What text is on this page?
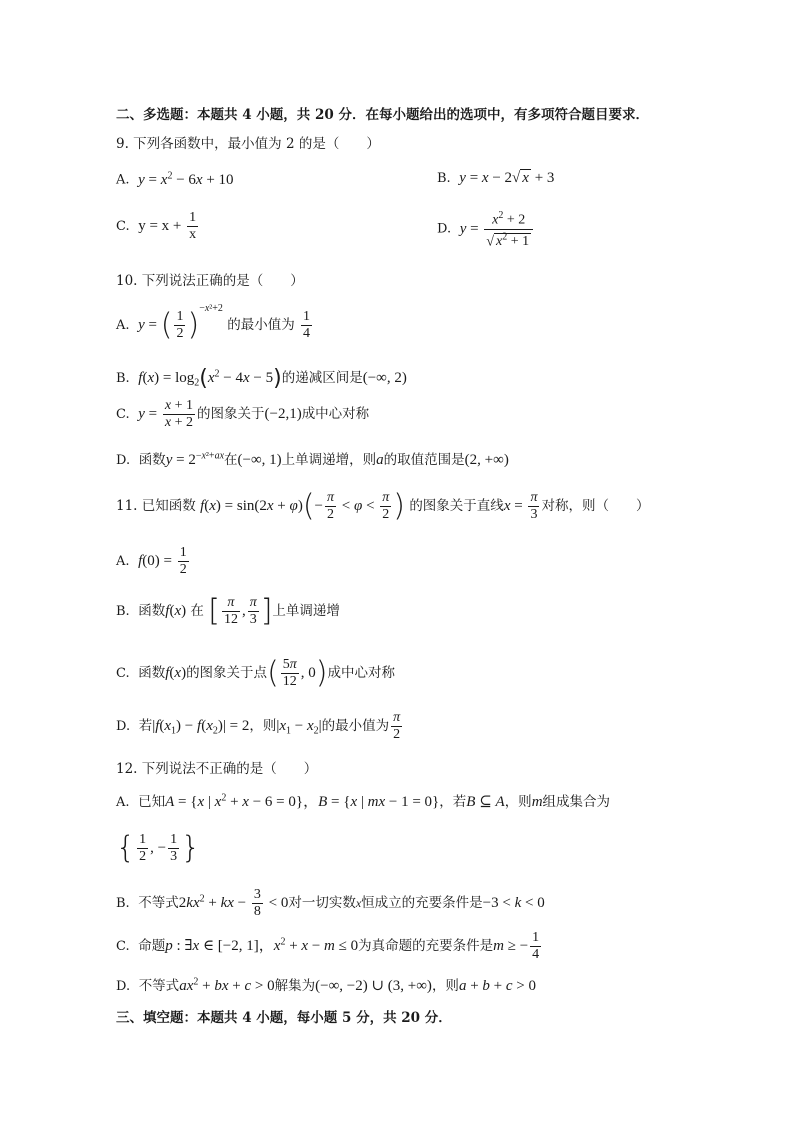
二、多选题：本题共 4 小题，共 20 分．在每小题给出的选项中，有多项符合题目要求．
9. 下列各函数中，最小值为 2 的是（　　）
A. $y = x^2 - 6x + 10$	B. y = x − 2√ x + 3
C. $y = x + \frac{1}{x}$	D. $y = \frac{x^2 + 2}{√ x^2 + 1}$
10. 下列说法正确的是（　　）
A. y = ( $\frac{1}{2} )^{-x^2+2}$ 的最小值为 $\frac{1}{4}$
B. $f(x) = \log_2(x^2 - 4x - 5)$的递减区间是(−∞, 2)
C. $y = \frac{x + 1}{x + 2}$ 的图象关于(−2,1)成中心对称
D. 函数$y = 2^{-x^2+ax}$在(−∞, 1)上单调递增，则a的取值范围是(2, +∞)
11. 已知函数 $f(x) = \sin(2x + \varphi)(- \frac{\pi}{2} < \varphi < \frac{\pi}{2}$ ) 的图象关于直线$x = \frac{\pi}{3}$ 对称，则（　　）
A. $f(0) = \frac{1}{2}$
B. 函数f(x) 在 [ $\frac{\pi}{12}$ , $\frac{\pi}{3}$ ]上单调递增
C. 函数f(x)的图象关于点( $\frac{5\pi}{12}$ , 0)成中心对称
D. 若$|f(x_1) - f(x_2)| = 2$，则$|x_1 - x_2|$的最小值为 $\frac{\pi}{2}$
12. 下列说法不正确的是（　　）
A. 已知A = {x | $x^2 + x - 6 = 0$}，B = {x | mx − 1 = 0}，若B ⊆ A，则m组成集合为
{ $\frac{1}{2}$ , − $\frac{1}{3}$ }
B. 不等式$2kx^2$ + kx − $\frac{3}{8} < 0$对一切实数x恒成立的充要条件是−3 < k < 0
C. 命题p : ∃x ∈ [−2, 1]，$x^2 + x - m \le 0$为真命题的充要条件是m ≥ − $\frac{1}{4}$
D. 不等式$ax^2$ + bx + c > 0解集为(−∞, −2) ∪ (3, +∞)，则a + b + c > 0
三、填空题：本题共 4 小题，每小题 5 分，共 20 分．
